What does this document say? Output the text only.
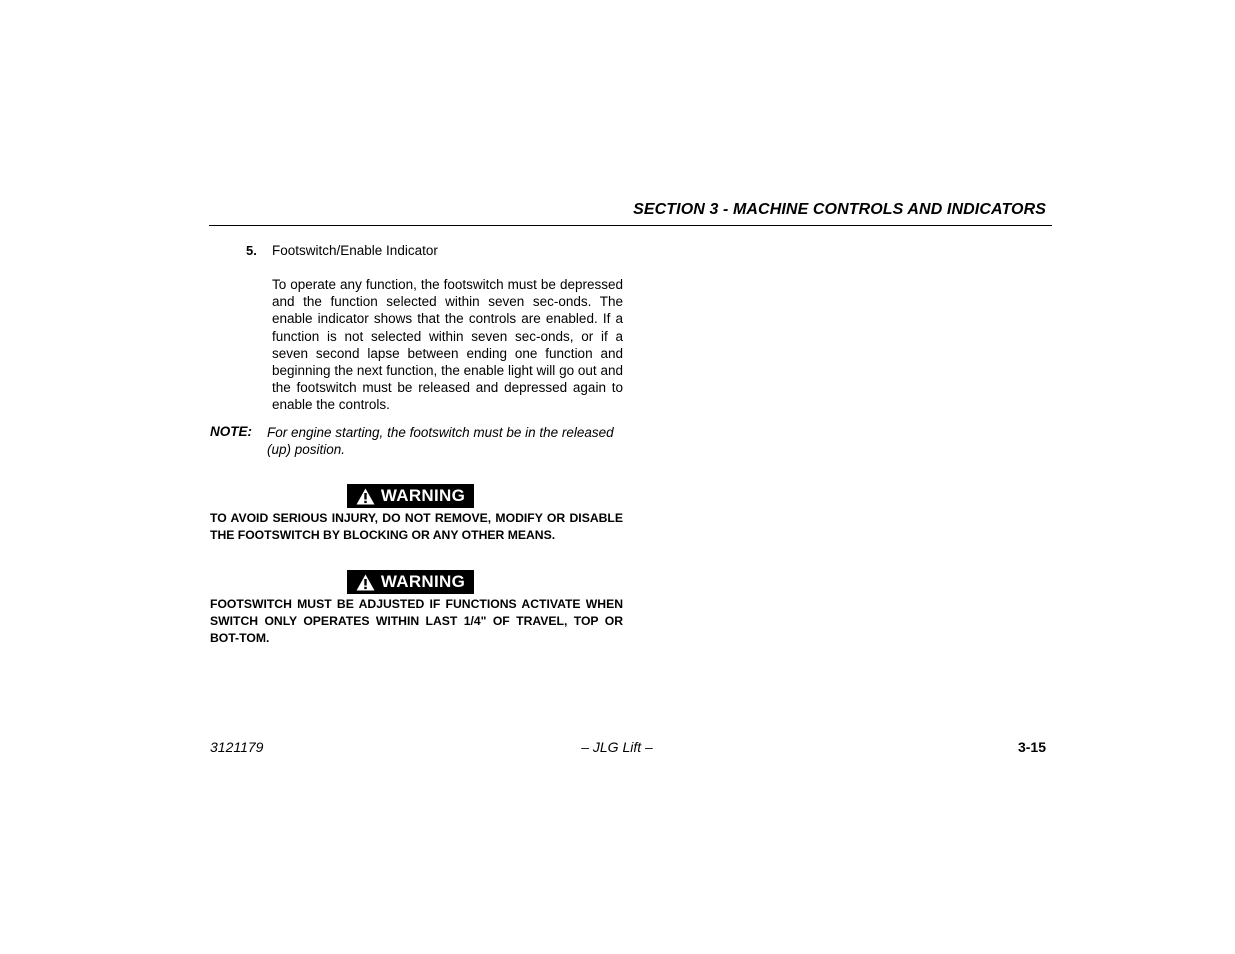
SECTION 3 - MACHINE CONTROLS AND INDICATORS
5. Footswitch/Enable Indicator

To operate any function, the footswitch must be depressed and the function selected within seven sec-onds. The enable indicator shows that the controls are enabled. If a function is not selected within seven sec-onds, or if a seven second lapse between ending one function and beginning the next function, the enable light will go out and the footswitch must be released and depressed again to enable the controls.

NOTE: For engine starting, the footswitch must be in the released (up) position.

WARNING

TO AVOID SERIOUS INJURY, DO NOT REMOVE, MODIFY OR DISABLE THE FOOTSWITCH BY BLOCKING OR ANY OTHER MEANS.

WARNING

FOOTSWITCH MUST BE ADJUSTED IF FUNCTIONS ACTIVATE WHEN SWITCH ONLY OPERATES WITHIN LAST 1/4" OF TRAVEL, TOP OR BOT-TOM.

3121179	– JLG Lift –	3-15
